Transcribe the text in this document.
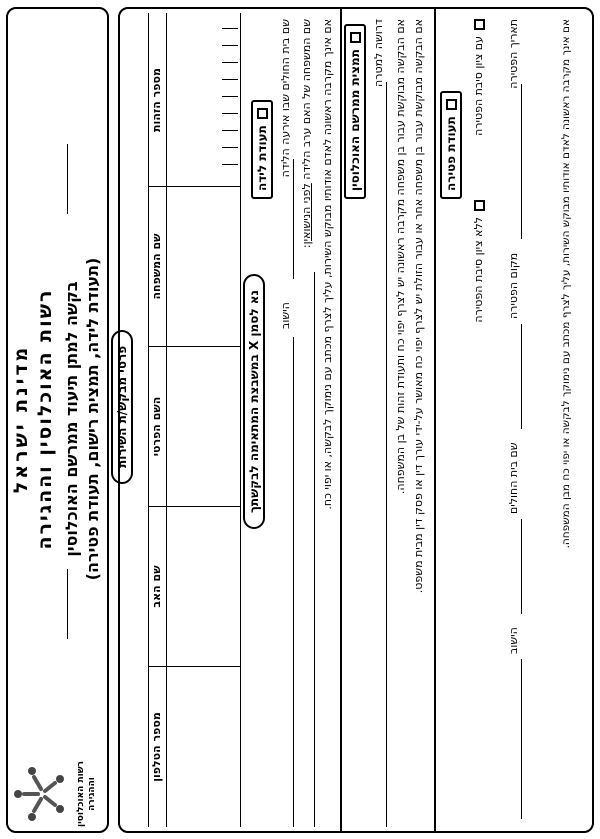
מדינת ישראל רשות האוכלוסין וההגירה בקשה למתן תיעוד ממרשם האוכלוסין (תעודת לידה, תמצית רישום, תעודת פטירה)
רשות האוכלוסין וההגירה
פרטי מבקש/ת השירות
מספר הזהות
שם המשפחה
השם הפרטי
שם האב
מספר הטלפון
נא לסמן X במשבצת המתאימה לבקשתך
תעודת לידה שם בית החולים שבו אירעה הלידה
הישוב
שם המשפחה של האם ערב הלידה לפני הנישואין: אם אינך מקרבה ראשונה לאדם אודותיו מבוקש השירות, עליך לצרף מכתב עם נימוקך לבקשה, או יפוי כח.	תמצית ממרשם האוכלוסין דרושה למטרה אם הבקשה מבוקשת עבור בן משפחה מקרבה ראשונה יש לצרף יפוי כח ותעודת זהות של בן המשפחה. אם הבקשה מבוקשת עבור בן משפחה אחר או עבור הזולת יש לצרף יפוי כח מאושר על-ידי עורך דין או פסק דין מבית משפט.	תעודת פטירה
עם ציון סיבת הפטירה
ללא ציון סיבת הפטירה
תאריך הפטירה
מקום הפטירה
שם בית החולים
הישוב
אם אינך מקרבה ראשונה לאדם אודותיו מבוקש השירות, עליך לצרף מכתב עם נימוקך לבקשה או יפוי כח מבן המשפחה.
